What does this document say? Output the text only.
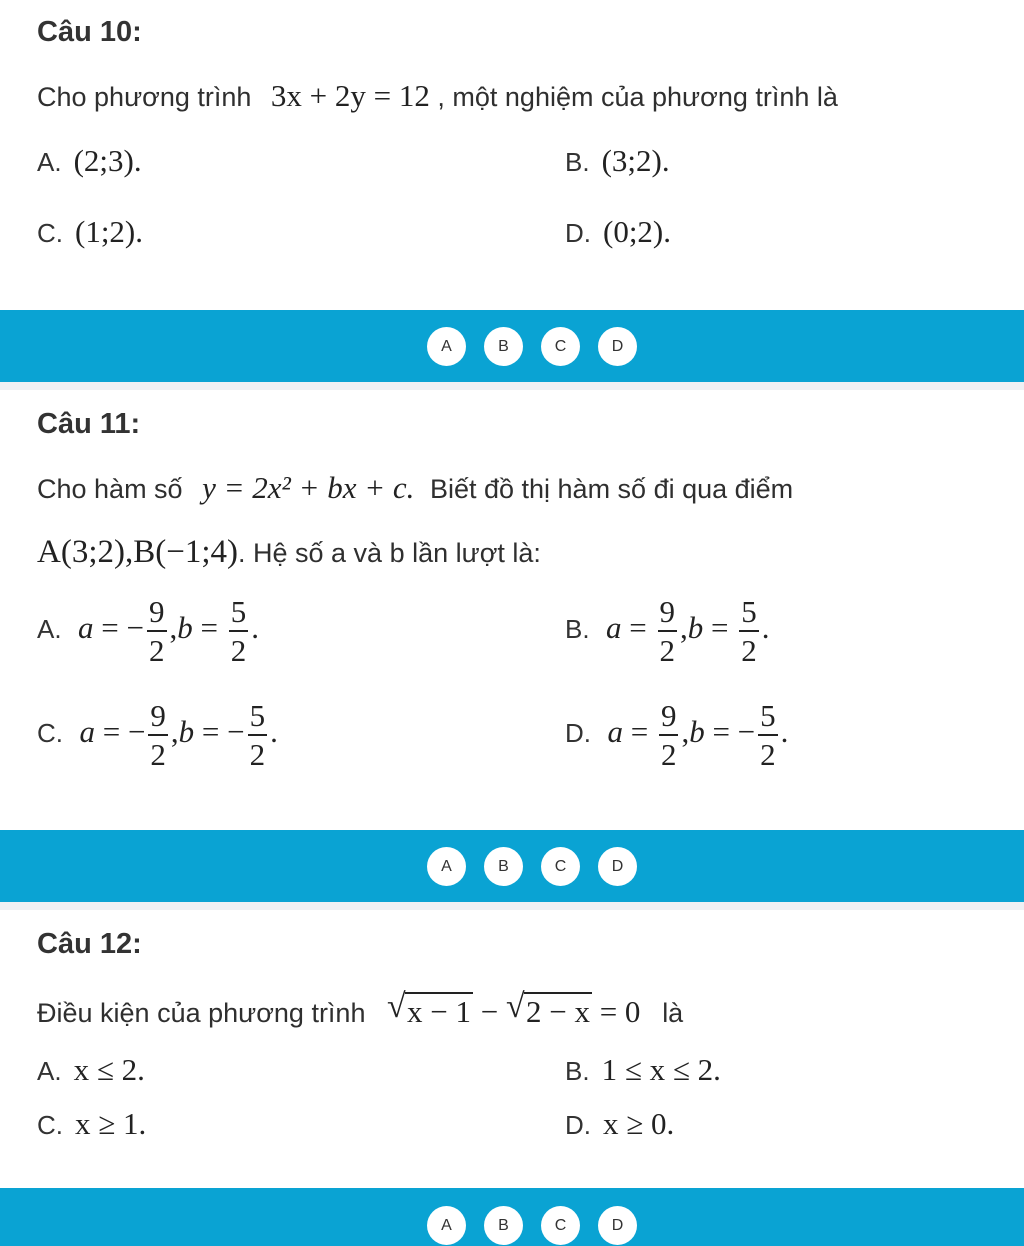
Câu 10:
Cho phương trình 3x + 2y = 12 , một nghiệm của phương trình là
A. (2;3).	B. (3;2).
C. (1;2).	D. (0;2).
A	B	C	D
Câu 11:
Cho hàm số y = 2x² + bx + c. Biết đồ thị hàm số đi qua điểm
A(3;2),B(−1;4). Hệ số a và b lần lượt là:
A. a = − $\frac{9}{2} ,b = \frac{5}{2}$ .	B. $a = \frac{9}{2} ,b = \frac{5}{2}$ .
C. a = − $\frac{9}{2} ,b$ = − $\frac{5}{2}$ .	D. $a = \frac{9}{2} ,b$ = − $\frac{5}{2}$ .
A	B	C	D
Câu 12:
Điều kiện của phương trình √ x − 1 − √ 2 − x = 0 là
A. x ≤ 2.	B. 1 ≤ x ≤ 2.
C. x ≥ 1.	D. x ≥ 0.
A	B	C	D
